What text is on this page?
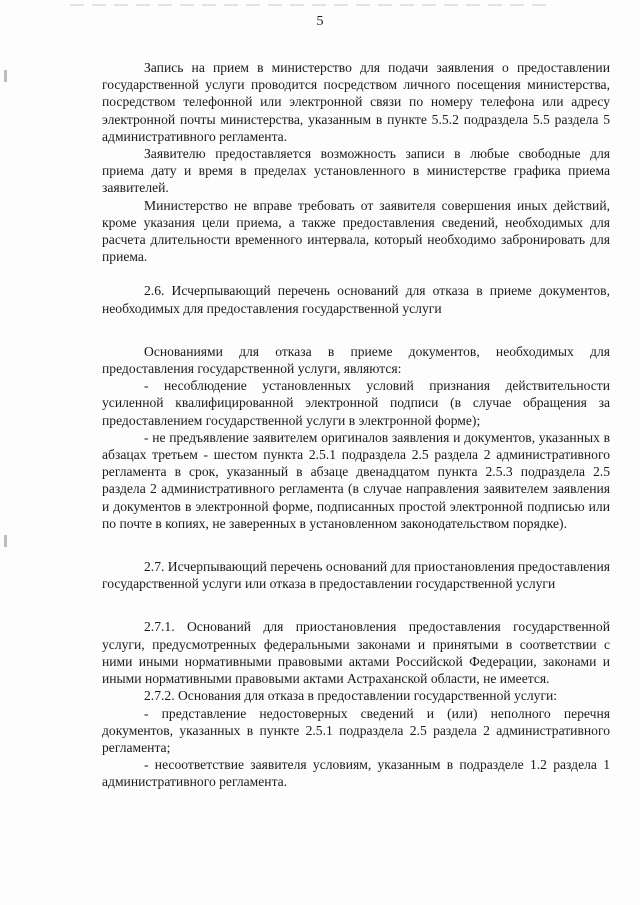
5

Запись на прием в министерство для подачи заявления о предоставлении государственной услуги проводится посредством личного посещения министерства, посредством телефонной или электронной связи по номеру телефона или адресу электронной почты министерства, указанным в пункте 5.5.2 подраздела 5.5 раздела 5 административного регламента.

Заявителю предоставляется возможность записи в любые свободные для приема дату и время в пределах установленного в министерстве графика приема заявителей.

Министерство не вправе требовать от заявителя совершения иных действий, кроме указания цели приема, а также предоставления сведений, необходимых для расчета длительности временного интервала, который необходимо забронировать для приема.

2.6. Исчерпывающий перечень оснований для отказа в приеме документов, необходимых для предоставления государственной услуги

Основаниями для отказа в приеме документов, необходимых для предоставления государственной услуги, являются:

- несоблюдение установленных условий признания действительности усиленной квалифицированной электронной подписи (в случае обращения за предоставлением государственной услуги в электронной форме);

- не предъявление заявителем оригиналов заявления и документов, указанных в абзацах третьем - шестом пункта 2.5.1 подраздела 2.5 раздела 2 административного регламента в срок, указанный в абзаце двенадцатом пункта 2.5.3 подраздела 2.5 раздела 2 административного регламента (в случае направления заявителем заявления и документов в электронной форме, подписанных простой электронной подписью или по почте в копиях, не заверенных в установленном законодательством порядке).

2.7. Исчерпывающий перечень оснований для приостановления предоставления государственной услуги или отказа в предоставлении государственной услуги

2.7.1. Оснований для приостановления предоставления государственной услуги, предусмотренных федеральными законами и принятыми в соответствии с ними иными нормативными правовыми актами Российской Федерации, законами и иными нормативными правовыми актами Астраханской области, не имеется.

2.7.2. Основания для отказа в предоставлении государственной услуги:

- представление недостоверных сведений и (или) неполного перечня документов, указанных в пункте 2.5.1 подраздела 2.5 раздела 2 административного регламента;

- несоответствие заявителя условиям, указанным в подразделе 1.2 раздела 1 административного регламента.
